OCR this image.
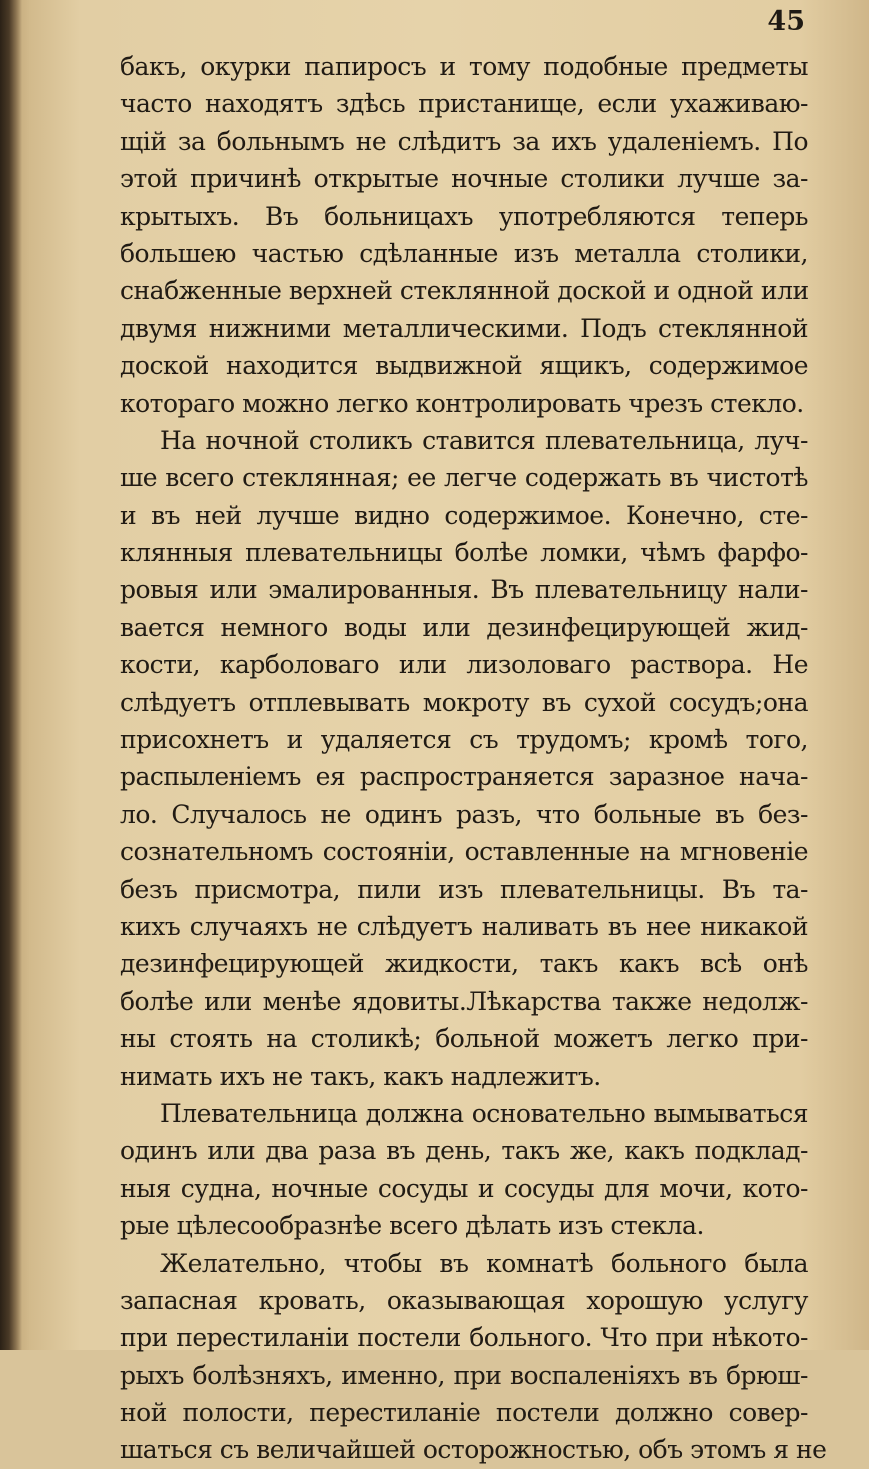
45
бакъ, окурки папиросъ и тому подобные предметы
часто находятъ здѣсь пристанище, если ухаживаю-
щій за больнымъ не слѣдитъ за ихъ удаленіемъ. По
этой причинѣ открытые ночные столики лучше за-
крытыхъ. Въ больницахъ употребляются теперь
большею частью сдѣланные изъ металла столики,
снабженные верхней стеклянной доской и одной или
двумя нижними металлическими. Подъ стеклянной
доской находится выдвижной ящикъ, содержимое
котораго можно легко контролировать чрезъ стекло.
На ночной столикъ ставится плевательница, луч-
ше всего стеклянная; ее легче содержать въ чистотѣ
и въ ней лучше видно содержимое. Конечно, сте-
клянныя плевательницы болѣе ломки, чѣмъ фарфо-
ровыя или эмалированныя. Въ плевательницу нали-
вается немного воды или дезинфецирующей жид-
кости, карболоваго или лизоловаго раствора. Не
слѣдуетъ отплевывать мокроту въ сухой сосудъ;она
присохнетъ и удаляется съ трудомъ; кромѣ того,
распыленіемъ ея распространяется заразное нача-
ло. Случалось не одинъ разъ, что больные въ без-
сознательномъ состояніи, оставленные на мгновеніе
безъ присмотра, пили изъ плевательницы. Въ та-
кихъ случаяхъ не слѣдуетъ наливать въ нее никакой
дезинфецирующей жидкости, такъ какъ всѣ онѣ
болѣе или менѣе ядовиты.Лѣкарства также недолж-
ны стоять на столикѣ; больной можетъ легко при-
нимать ихъ не такъ, какъ надлежитъ.
Плевательница должна основательно вымываться
одинъ или два раза въ день, такъ же, какъ подклад-
ныя судна, ночные сосуды и сосуды для мочи, кото-
рые цѣлесообразнѣе всего дѣлать изъ стекла.
Желательно, чтобы въ комнатѣ больного была
запасная кровать, оказывающая хорошую услугу
при перестиланіи постели больного. Что при нѣкото-
рыхъ болѣзняхъ, именно, при воспаленіяхъ въ брюш-
ной полости, перестиланіе постели должно совер-
шаться съ величайшей осторожностью, объ этомъ я не
